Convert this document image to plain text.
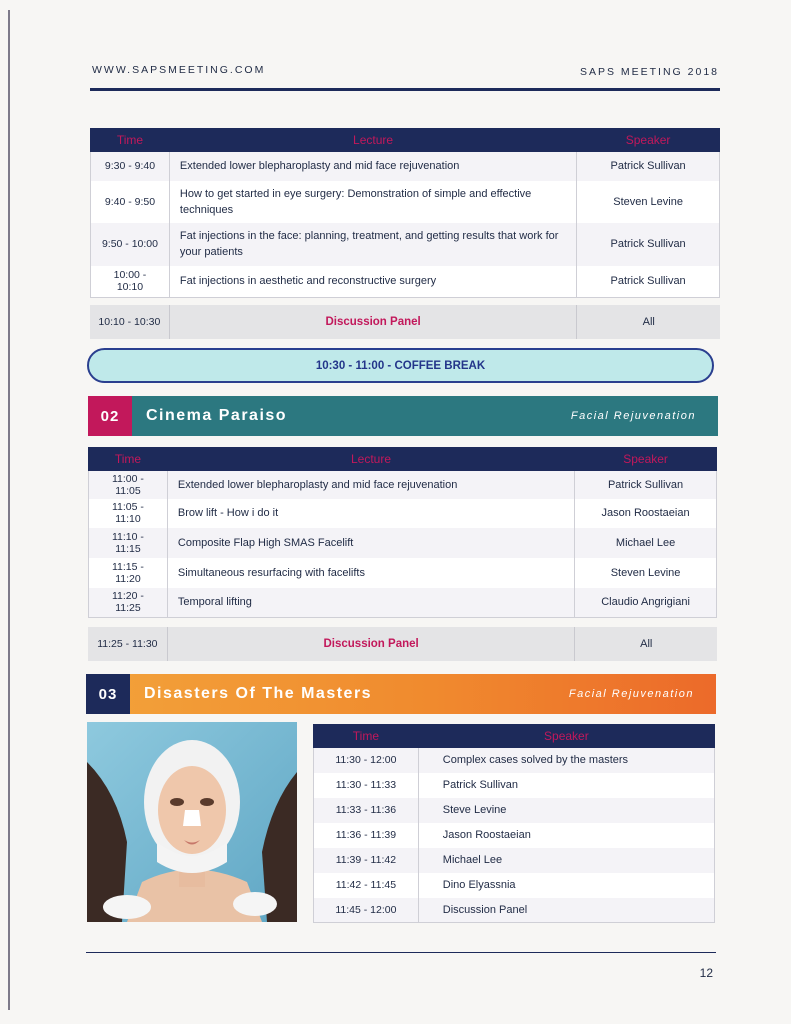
WWW.SAPSMEETING.COM	SAPS MEETING 2018
Time	Lecture	Speaker
9:30 - 9:40	Extended lower blepharoplasty and mid face rejuvenation	Patrick Sullivan
9:40 - 9:50	How to get started in eye surgery: Demonstration of simple and effective techniques	Steven Levine
9:50 - 10:00	Fat injections in the face: planning, treatment, and getting results that work for your patients	Patrick Sullivan
10:00 - 10:10	Fat injections in aesthetic and reconstructive surgery	Patrick Sullivan
10:10 - 10:30	Discussion Panel	All
10:30 - 11:00 - COFFEE BREAK
02	Cinema Paraiso	Facial Rejuvenation
Time	Lecture	Speaker
11:00 - 11:05	Extended lower blepharoplasty and mid face rejuvenation	Patrick Sullivan
11:05 - 11:10	Brow lift - How i do it	Jason Roostaeian
11:10 - 11:15	Composite Flap High SMAS Facelift	Michael Lee
11:15 - 11:20	Simultaneous resurfacing with facelifts	Steven Levine
11:20 - 11:25	Temporal lifting	Claudio Angrigiani
11:25 - 11:30	Discussion Panel	All
03	Disasters Of The Masters	Facial Rejuvenation
Time	Speaker
11:30 - 12:00	Complex cases solved by the masters
11:30 - 11:33	Patrick Sullivan
11:33 - 11:36	Steve Levine
11:36 - 11:39	Jason Roostaeian
11:39 - 11:42	Michael Lee
11:42 - 11:45	Dino Elyassnia
11:45 - 12:00	Discussion Panel
12
